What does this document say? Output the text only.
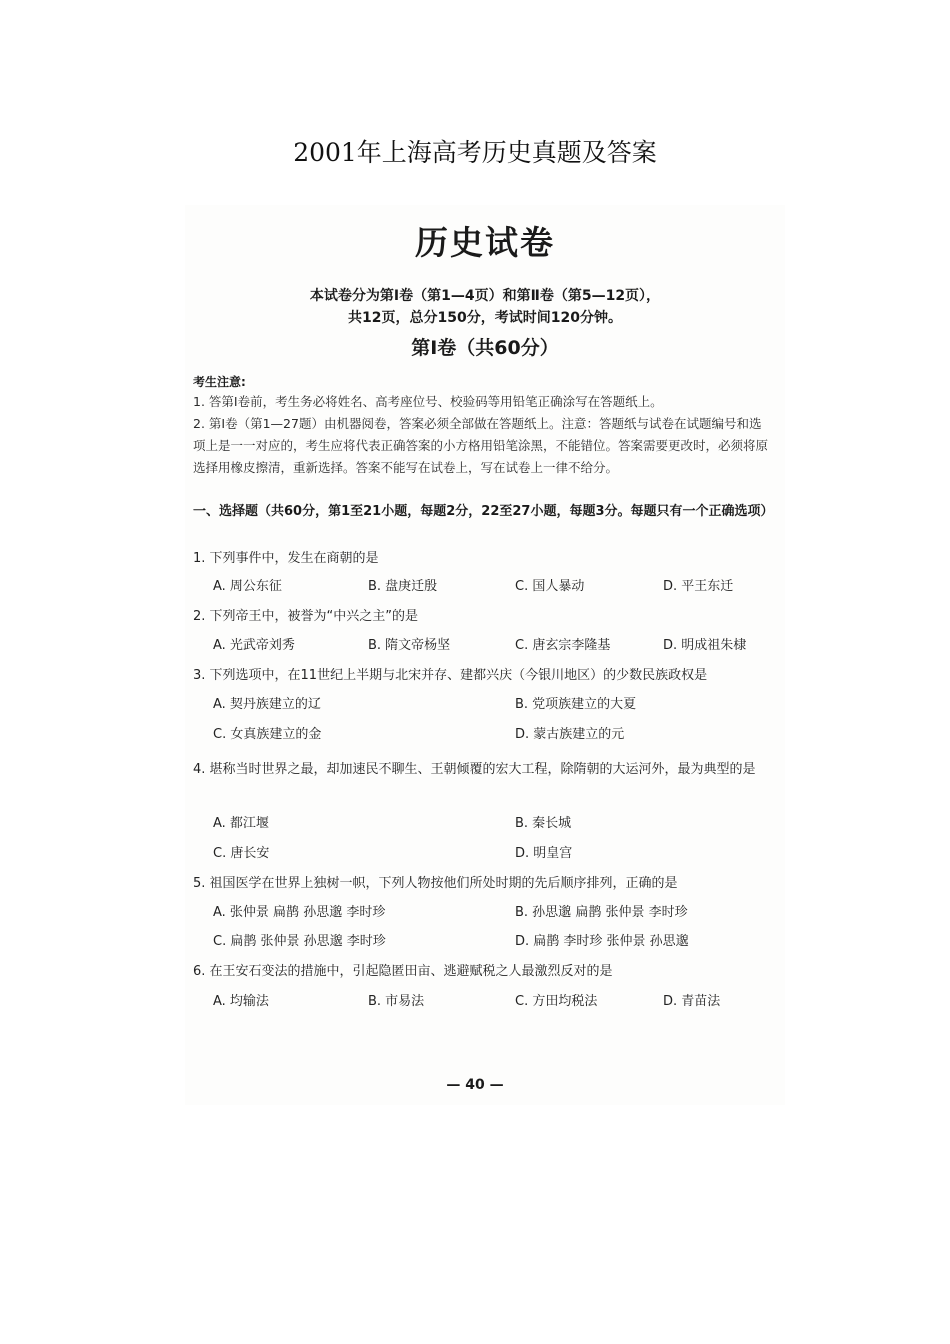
2001年上海高考历史真题及答案
历史试卷
本试卷分为第Ⅰ卷（第1—4页）和第Ⅱ卷（第5—12页），
共12页，总分150分，考试时间120分钟。
第Ⅰ卷（共60分）
考生注意:
1. 答第Ⅰ卷前，考生务必将姓名、高考座位号、校验码等用铅笔正确涂写在答题纸上。
2. 第Ⅰ卷（第1—27题）由机器阅卷，答案必须全部做在答题纸上。注意：答题纸与试卷在试题编号和选项上是一一对应的，考生应将代表正确答案的小方格用铅笔涂黑，不能错位。答案需要更改时，必须将原选择用橡皮擦清，重新选择。答案不能写在试卷上，写在试卷上一律不给分。
一、选择题（共60分，第1至21小题，每题2分，22至27小题，每题3分。每题只有一个正确选项）
1. 下列事件中，发生在商朝的是
A. 周公东征	B. 盘庚迁殷	C. 国人暴动	D. 平王东迁
2. 下列帝王中，被誉为“中兴之主”的是
A. 光武帝刘秀	B. 隋文帝杨坚	C. 唐玄宗李隆基	D. 明成祖朱棣
3. 下列选项中，在11世纪上半期与北宋并存、建都兴庆（今银川地区）的少数民族政权是
A. 契丹族建立的辽	B. 党项族建立的大夏
C. 女真族建立的金	D. 蒙古族建立的元
4. 堪称当时世界之最，却加速民不聊生、王朝倾覆的宏大工程，除隋朝的大运河外，最为典型的是
A. 都江堰	B. 秦长城
C. 唐长安	D. 明皇宫
5. 祖国医学在世界上独树一帜，下列人物按他们所处时期的先后顺序排列，正确的是
A. 张仲景 扁鹊 孙思邈 李时珍	B. 孙思邈 扁鹊 张仲景 李时珍
C. 扁鹊 张仲景 孙思邈 李时珍	D. 扁鹊 李时珍 张仲景 孙思邈
6. 在王安石变法的措施中，引起隐匿田亩、逃避赋税之人最激烈反对的是
A. 均输法	B. 市易法	C. 方田均税法	D. 青苗法
— 40 —
